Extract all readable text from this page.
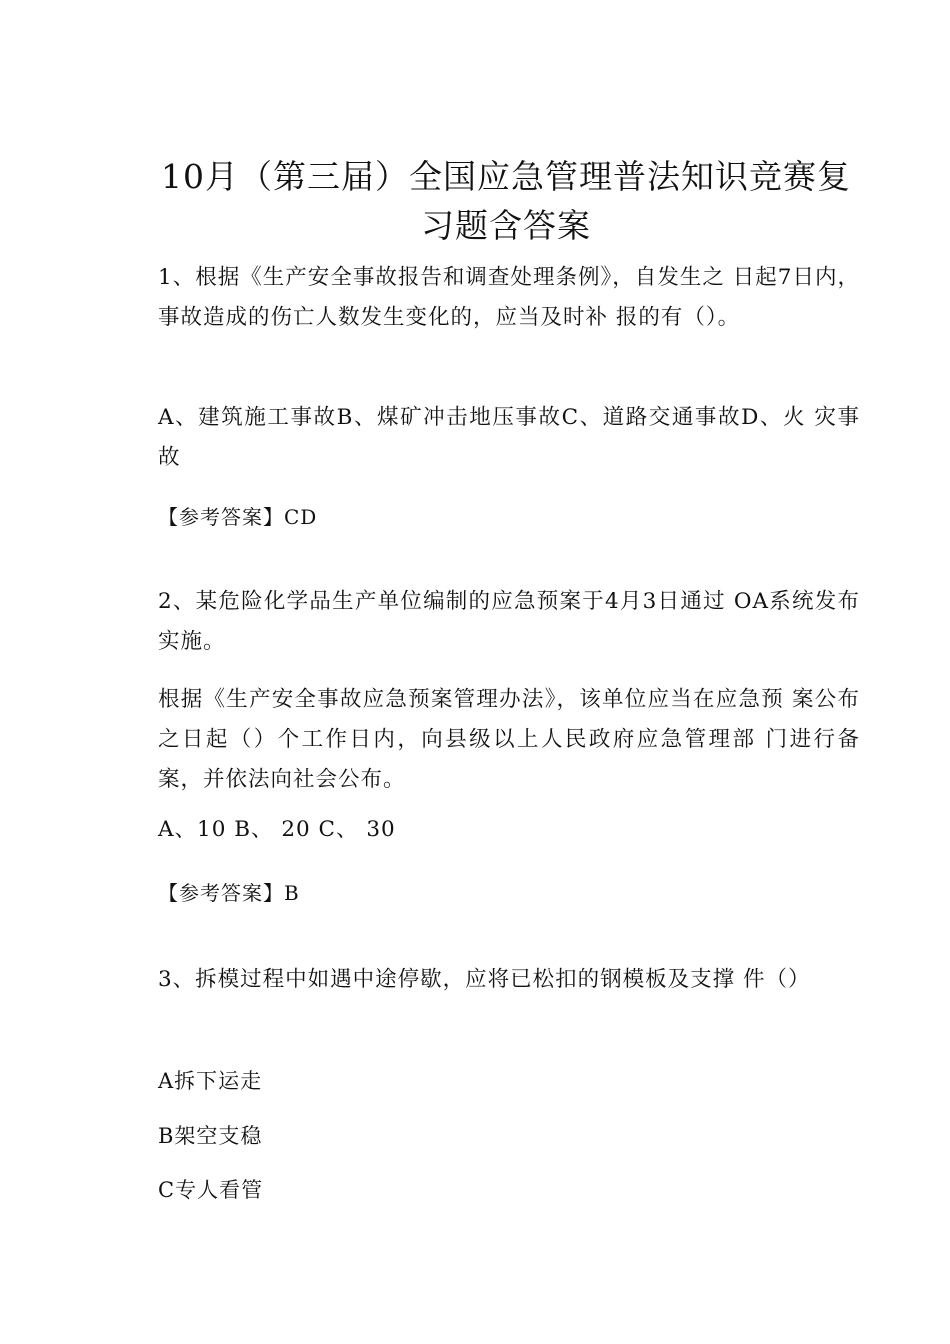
10月（第三届）全国应急管理普法知识竞赛复习题含答案

1、根据《生产安全事故报告和调查处理条例》，自发生之 日起7日内，事故造成的伤亡人数发生变化的，应当及时补 报的有（）。

A、建筑施工事故B、煤矿冲击地压事故C、道路交通事故D、火 灾事故

【参考答案】CD

2、某危险化学品生产单位编制的应急预案于4月3日通过 OA系统发布实施。

根据《生产安全事故应急预案管理办法》，该单位应当在应急预 案公布之日起（）个工作日内，向县级以上人民政府应急管理部 门进行备案，并依法向社会公布。

A、10 B、 20 C、 30

【参考答案】B

3、拆模过程中如遇中途停歇，应将已松扣的钢模板及支撑 件（）

A拆下运走

B架空支稳

C专人看管
